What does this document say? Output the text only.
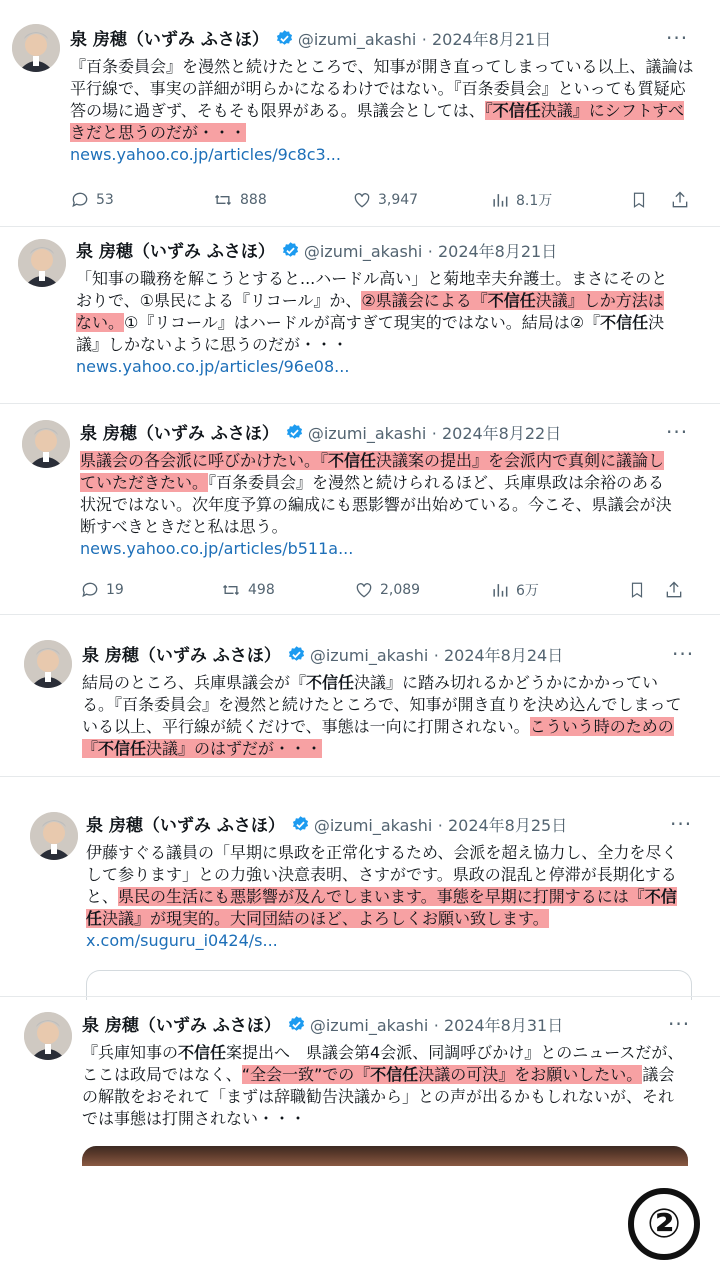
泉 房穂（いずみ ふさほ） @izumi_akashi · 2024年8月21日	···
『百条委員会』を漫然と続けたところで、知事が開き直ってしまっている以上、議論は平行線で、事実の詳細が明らかになるわけではない。『百条委員会』といっても質疑応答の場に過ぎず、そもそも限界がある。県議会としては、『不信任決議』にシフトすべきだと思うのだが・・・
news.yahoo.co.jp/articles/9c8c3...
53	888	3,947	8.1万
泉 房穂（いずみ ふさほ） @izumi_akashi · 2024年8月21日
「知事の職務を解こうとすると...ハードル高い」と菊地幸夫弁護士。まさにそのとおりで、①県民による『リコール』か、②県議会による『不信任決議』しか方法はない。①『リコール』はハードルが高すぎて現実的ではない。結局は②『不信任決議』しかないように思うのだが・・・
news.yahoo.co.jp/articles/96e08...
泉 房穂（いずみ ふさほ） @izumi_akashi · 2024年8月22日	···
県議会の各会派に呼びかけたい。『不信任決議案の提出』を会派内で真剣に議論していただきたい。『百条委員会』を漫然と続けられるほど、兵庫県政は余裕のある状況ではない。次年度予算の編成にも悪影響が出始めている。今こそ、県議会が決断すべきときだと私は思う。
news.yahoo.co.jp/articles/b511a...
19	498	2,089	6万
泉 房穂（いずみ ふさほ） @izumi_akashi · 2024年8月24日	···
結局のところ、兵庫県議会が『不信任決議』に踏み切れるかどうかにかかっている。『百条委員会』を漫然と続けたところで、知事が開き直りを決め込んでしまっている以上、平行線が続くだけで、事態は一向に打開されない。こういう時のための『不信任決議』のはずだが・・・
泉 房穂（いずみ ふさほ） @izumi_akashi · 2024年8月25日	···
伊藤すぐる議員の「早期に県政を正常化するため、会派を超え協力し、全力を尽くして参ります」との力強い決意表明、さすがです。県政の混乱と停滞が長期化すると、県民の生活にも悪影響が及んでしまいます。事態を早期に打開するには『不信任決議』が現実的。大同団結のほど、よろしくお願い致します。
x.com/suguru_i0424/s...
泉 房穂（いずみ ふさほ） @izumi_akashi · 2024年8月31日	···
『兵庫知事の不信任案提出へ　県議会第4会派、同調呼びかけ』とのニュースだが、ここは政局ではなく、“全会一致”での『不信任決議の可決』をお願いしたい。議会の解散をおそれて「まずは辞職勧告決議から」との声が出るかもしれないが、それでは事態は打開されない・・・
②
